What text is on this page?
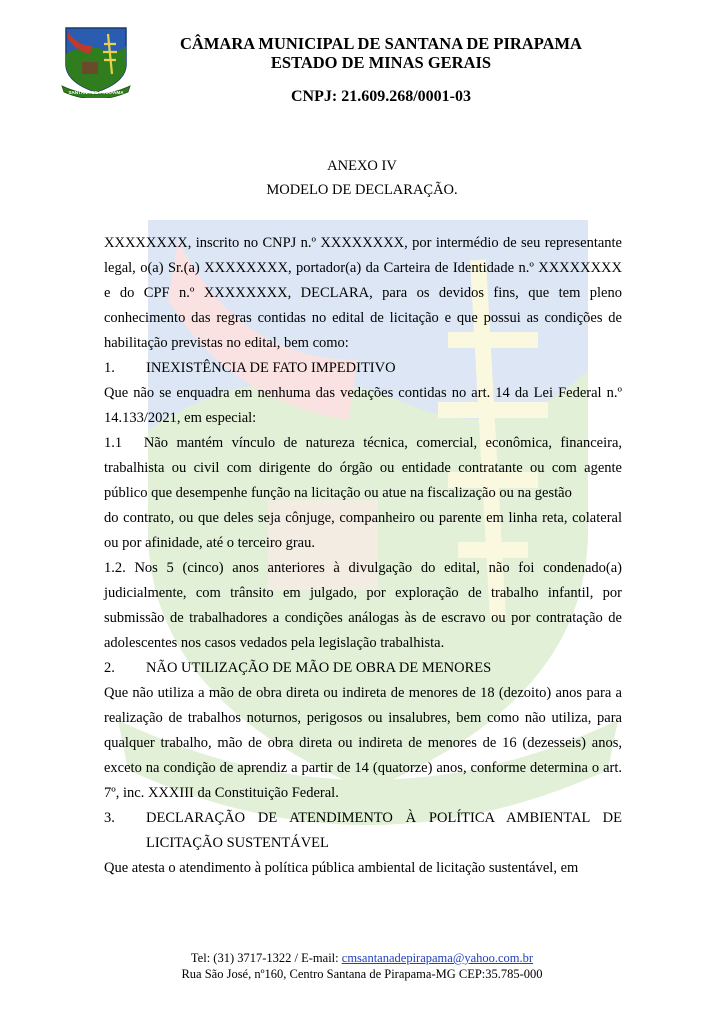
SANTANA DE PIRAPAMA
CÂMARA MUNICIPAL DE SANTANA DE PIRAPAMA
ESTADO DE MINAS GERAIS
CNPJ: 21.609.268/0001-03
ANEXO IV
MODELO DE DECLARAÇÃO.

XXXXXXXX, inscrito no CNPJ n.º XXXXXXXX, por intermédio de seu representante legal, o(a) Sr.(a) XXXXXXXX, portador(a) da Carteira de Identidade n.º XXXXXXXX e do CPF n.º XXXXXXXX, DECLARA, para os devidos fins, que tem pleno conhecimento das regras contidas no edital de licitação e que possui as condições de habilitação previstas no edital, bem como:

1.	INEXISTÊNCIA DE FATO IMPEDITIVO

Que não se enquadra em nenhuma das vedações contidas no art. 14 da Lei Federal n.º 14.133/2021, em especial:

1.1  Não mantém vínculo de natureza técnica, comercial, econômica, financeira, trabalhista ou civil com dirigente do órgão ou entidade contratante ou com agente público que desempenhe função na licitação ou atue na fiscalização ou na gestão

do contrato, ou que deles seja cônjuge, companheiro ou parente em linha reta, colateral ou por afinidade, até o terceiro grau.

1.2. Nos 5 (cinco) anos anteriores à divulgação do edital, não foi condenado(a) judicialmente, com trânsito em julgado, por exploração de trabalho infantil, por submissão de trabalhadores a condições análogas às de escravo ou por contratação de adolescentes nos casos vedados pela legislação trabalhista.

2.	NÃO UTILIZAÇÃO DE MÃO DE OBRA DE MENORES

Que não utiliza a mão de obra direta ou indireta de menores de 18 (dezoito) anos para a realização de trabalhos noturnos, perigosos ou insalubres, bem como não utiliza, para qualquer trabalho, mão de obra direta ou indireta de menores de 16 (dezesseis) anos, exceto na condição de aprendiz a partir de 14 (quatorze) anos, conforme determina o art. 7º, inc. XXXIII da Constituição Federal.

3.	DECLARAÇÃO DE ATENDIMENTO À POLÍTICA AMBIENTAL DE LICITAÇÃO SUSTENTÁVEL

Que atesta o atendimento à política pública ambiental de licitação sustentável, em

Tel: (31) 3717-1322 / E-mail: cmsantanadepirapama@yahoo.com.br
Rua São José, nº160, Centro Santana de Pirapama-MG CEP:35.785-000
